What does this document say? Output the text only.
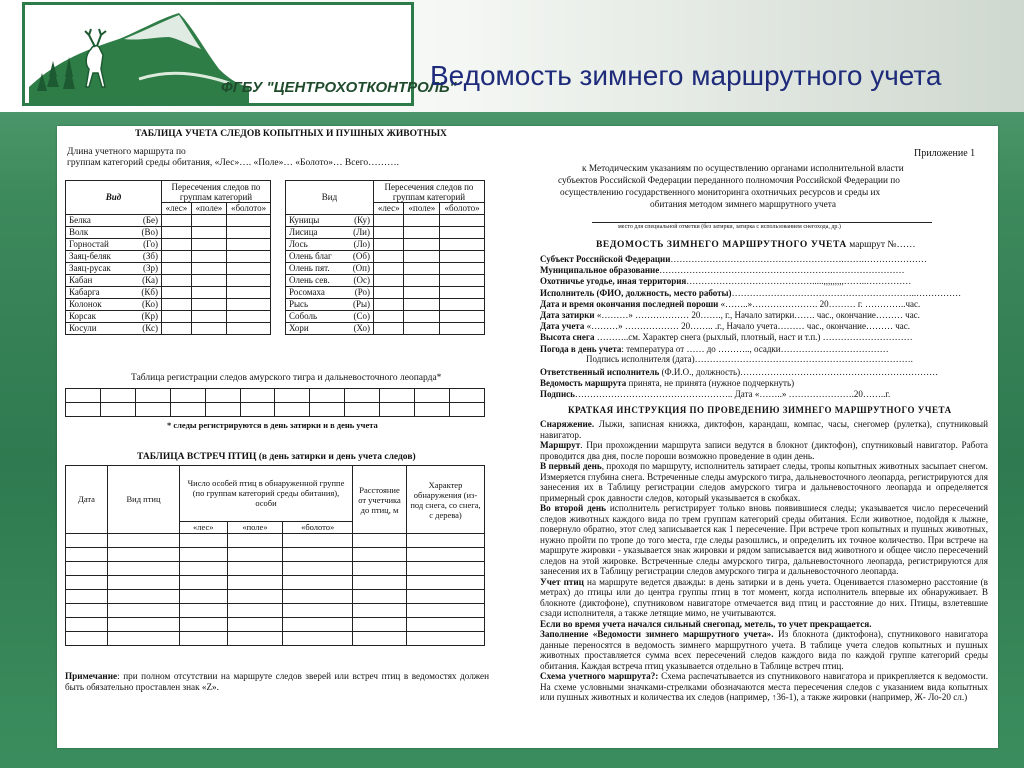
ФГБУ "ЦЕНТРОХОТКОНТРОЛЬ"
Ведомость зимнего маршрутного учета
ТАБЛИЦА УЧЕТА СЛЕДОВ КОПЫТНЫХ И ПУШНЫХ ЖИВОТНЫХ
Длина учетного маршрута по
группам категорий среды обитания, «Лес»…. «Поле»… «Болото»… Всего……….
Вид	Пересечения следов по группам категорий		
	«лес»	«поле»	«болото»

Белка (Бе)			

Волк (Во)			

Горностай (Го)			

Заяц-беляк (Зб)			

Заяц-русак (Зр)			

Кабан (Ка)			

Кабарга (Кб)			

Колонок (Ко)			

Корсак (Кр)			

Косули (Кс)			

Вид	Пересечения следов по группам категорий		
	«лес»	«поле»	«болото»

Куницы (Ку)			

Лисица (Ли)			

Лось (Ло)			

Олень благ (Об)			

Олень пят. (Оп)			

Олень сев. (Ос)			

Росомаха (Ро)			

Рысь (Ры)			

Соболь (Со)			

Хори (Хо)			

Таблица регистрации следов амурского тигра и дальневосточного леопарда*

* следы регистрируются в день затирки и в день учета
ТАБЛИЦА ВСТРЕЧ ПТИЦ (в день затирки и день учета следов)
Дата	Вид птиц	Число особей птиц в обнаруженной группе (по группам категорий среды обитания), особи			Расстояние от учетчика до птиц, м	Характер обнаружения (из-под снега, со снега, с дерева)
		«лес»	«поле»	«болото»		

Примечание: при полном отсутствии на маршруте следов зверей или встреч птиц в ведомостях должен быть обязательно проставлен знак «Z».
Приложение 1
к Методическим указаниям по осуществлению органами исполнительной власти
субъектов Российской Федерации переданного полномочия Российской Федерации по
осуществлению государственного мониторинга охотничьих ресурсов и среды их
обитания методом зимнего маршрутного учета
место для специальной отметки (без затирки, затирка с использованием снегохода, др.)
ВЕДОМОСТЬ ЗИМНЕГО МАРШРУТНОГО УЧЕТА маршрут №……
Субъект Российской Федерации………………………………………………….…….…………………
Муниципальное образование………………………………………………….……………………
Охотничье угодье, иная территория…………………………………….....,,,,,,,,,……..……………
Исполнитель (ФИО, должность, место работы)……………………………………………………..……………
Дата и время окончания последней пороши «……..»…………………. 20……… г. …………..час.
Дата затирки «………» ……………… 20……., г., Начало затирки……. час., окончание……… час.
Дата учета «………» ……………… 20…….. .г., Начало учета……… час., окончание……… час.
Высота снега ………..см. Характер снега (рыхлый, плотный, наст и т.п.) …………………………
Погода в день учета: температура от …… до ……….., осадки………………………………
Подпись исполнителя (дата)……………………………………………………………….
Ответственный исполнитель (Ф.И.О., должность)…………………………………………………………
Ведомость маршрута принята, не принята (нужное подчеркнуть)
Подпись…………………………………………….. Дата «……..» ………………….20……..г.
КРАТКАЯ ИНСТРУКЦИЯ ПО ПРОВЕДЕНИЮ ЗИМНЕГО МАРШРУТНОГО УЧЕТА

Снаряжение. Лыжи, записная книжка, диктофон, карандаш, компас, часы, снегомер (рулетка), спутниковый навигатор.

Маршрут. При прохождении маршрута записи ведутся в блокнот (диктофон), спутниковый навигатор. Работа проводится два дня, после пороши возможно проведение в один день.

В первый день, проходя по маршруту, исполнитель затирает следы, тропы копытных животных засыпает снегом. Измеряется глубина снега. Встреченные следы амурского тигра, дальневосточного леопарда, регистрируются для занесения их в Таблицу регистрации следов амурского тигра и дальневосточного леопарда и определяется примерный срок давности следов, который указывается в скобках.

Во второй день исполнитель регистрирует только вновь появившиеся следы; указывается число пересечений следов животных каждого вида по трем группам категорий среды обитания. Если животное, подойдя к лыжне, повернуло обратно, этот след записывается как 1 пересечение. При встрече троп копытных и пушных животных, нужно пройти по тропе до того места, где следы разошлись, и определить их точное количество. При встрече на маршруте жировки - указывается знак жировки и рядом записывается вид животного и общее число пересечений следов на этой жировке. Встреченные следы амурского тигра, дальневосточного леопарда, регистрируются для занесения их в Таблицу регистрации следов амурского тигра и дальневосточного леопарда.

Учет птиц на маршруте ведется дважды: в день затирки и в день учета. Оценивается глазомерно расстояние (в метрах) до птицы или до центра группы птиц в тот момент, когда исполнитель впервые их обнаруживает. В блокноте (диктофоне), спутниковом навигаторе отмечается вид птиц и расстояние до них. Птицы, взлетевшие сзади исполнителя, а также летящие мимо, не учитываются.

Если во время учета начался сильный снегопад, метель, то учет прекращается.

Заполнение «Ведомости зимнего маршрутного учета». Из блокнота (диктофона), спутникового навигатора данные переносятся в ведомость зимнего маршрутного учета. В таблице учета следов копытных и пушных животных проставляется сумма всех пересечений следов каждого вида по каждой группе категорий среды обитания. Каждая встреча птиц указывается отдельно в Таблице встреч птиц.

Схема учетного маршрута?: Схема распечатывается из спутникового навигатора и прикрепляется к ведомости. На схеме условными значками-стрелками обозначаются места пересечения следов с указанием вида копытных или пушных животных и количества их следов (например, ↑36-1), а также жировки (например, Ж- Ло-20 сл.)
